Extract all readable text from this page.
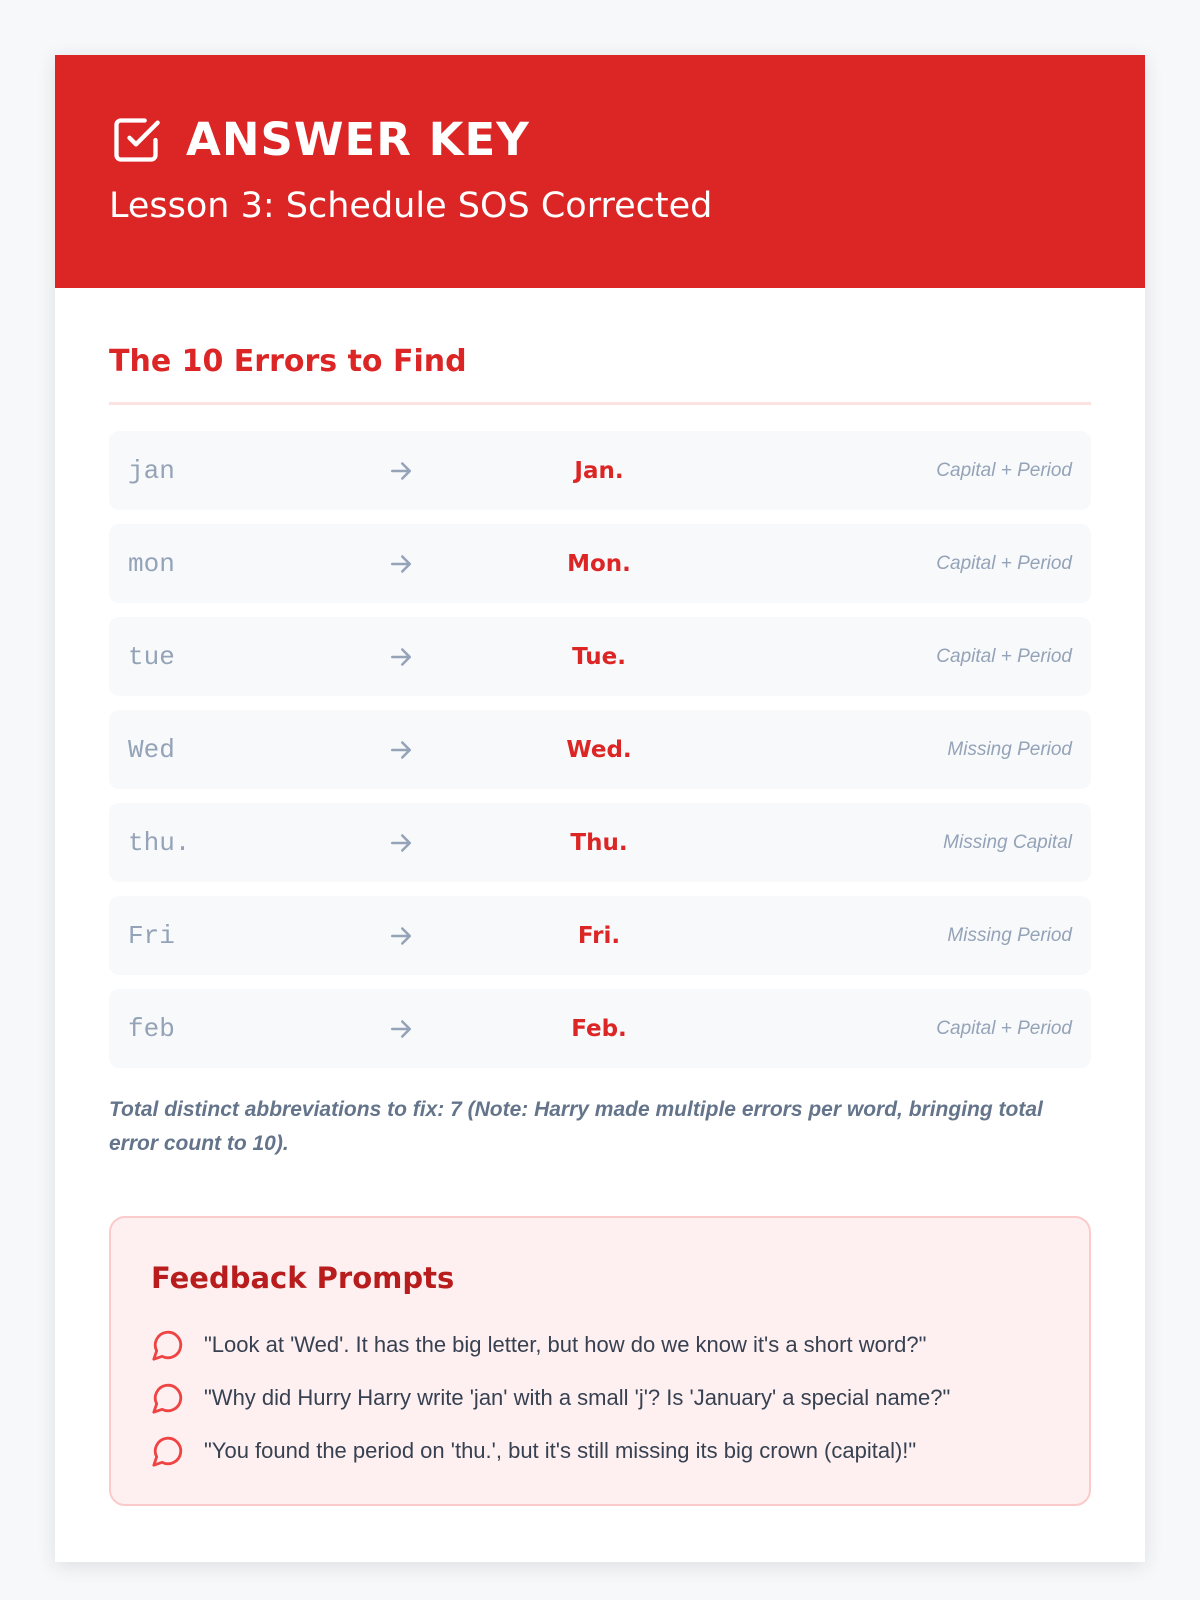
ANSWER KEY
Lesson 3: Schedule SOS Corrected
The 10 Errors to Find
jan	Jan.	Capital + Period
mon	Mon.	Capital + Period
tue	Tue.	Capital + Period
Wed	Wed.	Missing Period
thu.	Thu.	Missing Capital
Fri	Fri.	Missing Period
feb	Feb.	Capital + Period
Total distinct abbreviations to fix: 7 (Note: Harry made multiple errors per word, bringing total error count to 10).
Feedback Prompts
"Look at 'Wed'. It has the big letter, but how do we know it's a short word?"
"Why did Hurry Harry write 'jan' with a small 'j'? Is 'January' a special name?"
"You found the period on 'thu.', but it's still missing its big crown (capital)!"
